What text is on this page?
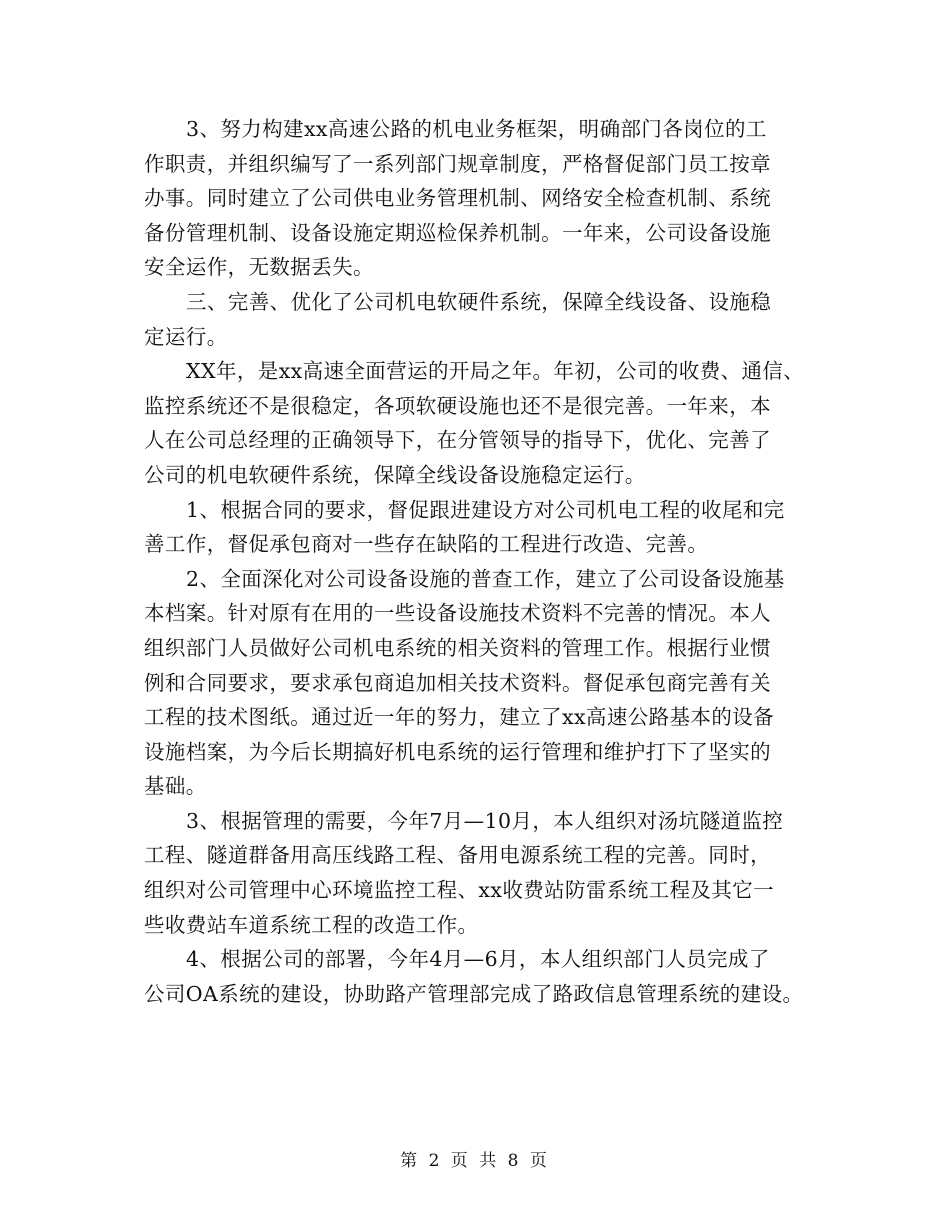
3、努力构建xx高速公路的机电业务框架，明确部门各岗位的工
作职责，并组织编写了一系列部门规章制度，严格督促部门员工按章
办事。同时建立了公司供电业务管理机制、网络安全检查机制、系统
备份管理机制、设备设施定期巡检保养机制。一年来，公司设备设施
安全运作，无数据丢失。

三、完善、优化了公司机电软硬件系统，保障全线设备、设施稳
定运行。

XX年，是xx高速全面营运的开局之年。年初，公司的收费、通信、
监控系统还不是很稳定，各项软硬设施也还不是很完善。一年来，本
人在公司总经理的正确领导下，在分管领导的指导下，优化、完善了
公司的机电软硬件系统，保障全线设备设施稳定运行。

1、根据合同的要求，督促跟进建设方对公司机电工程的收尾和完
善工作，督促承包商对一些存在缺陷的工程进行改造、完善。

2、全面深化对公司设备设施的普查工作，建立了公司设备设施基
本档案。针对原有在用的一些设备设施技术资料不完善的情况。本人
组织部门人员做好公司机电系统的相关资料的管理工作。根据行业惯
例和合同要求，要求承包商追加相关技术资料。督促承包商完善有关
工程的技术图纸。通过近一年的努力，建立了xx高速公路基本的设备
设施档案，为今后长期搞好机电系统的运行管理和维护打下了坚实的
基础。

3、根据管理的需要，今年7月—10月，本人组织对汤坑隧道监控
工程、隧道群备用高压线路工程、备用电源系统工程的完善。同时，
组织对公司管理中心环境监控工程、xx收费站防雷系统工程及其它一
些收费站车道系统工程的改造工作。

4、根据公司的部署，今年4月—6月，本人组织部门人员完成了
公司OA系统的建设，协助路产管理部完成了路政信息管理系统的建设。

第 2 页 共 8 页
